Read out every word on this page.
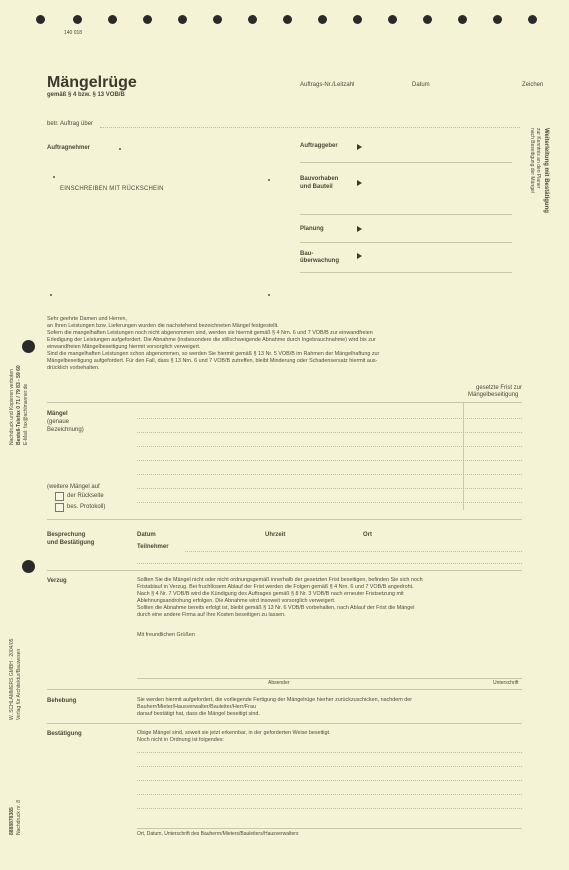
140 018
Mängelrüge
gemäß § 4 bzw. § 13 VOB/B
Auftrags-Nr./Leitzahl	Datum	Zeichen
betr. Auftrag über
Auftragnehmer
EINSCHREIBEN MIT RÜCKSCHEIN
Auftraggeber
Bauvorhaben
und Bauteil
Planung
Bau-
überwachung
Weiterleitung mit Bestätigung
zur Kenntnis an den Planer
nach Beseitigung der Mängel
Sehr geehrte Damen und Herren,
an Ihren Leistungen bzw. Lieferungen wurden die nachstehend bezeichneten Mängel festgestellt.
Sofern die mangelhaften Leistungen noch nicht abgenommen sind, werden sie hiermit gemäß § 4 Nrn. 6 und 7 VOB/B zur einwandfreien
Erledigung der Leistungen aufgefordert. Die Abnahme (insbesondere die stillschweigende Abnahme durch Ingebrauchnahme) wird bis zur
einwandfreien Mängelbeseitigung hiermit vorsorglich verweigert.
Sind die mangelhaften Leistungen schon abgenommen, so werden Sie hiermit gemäß § 13 Nr. 5 VOB/B im Rahmen der Mängelhaftung zur
Mängelbeseitigung aufgefordert. Für den Fall, dass § 13 Nrn. 6 und 7 VOB/B zutreffen, bleibt Minderung oder Schadensersatz hiermit aus-
drücklich vorbehalten.
gesetzte Frist zur
Mängelbeseitigung
Mängel
(genaue
Bezeichnung)
(weitere Mängel auf
der Rückseite
bes. Protokoll)
Besprechung
und Bestätigung
Datum	Uhrzeit	Ort
Teilnehmer
Verzug	Sollten Sie die Mängel nicht oder nicht ordnungsgemäß innerhalb der gesetzten Frist beseitigen, befinden Sie sich noch
Fristablauf in Verzug. Bei fruchtlosem Ablauf der Frist werden die Folgen gemäß § 4 Nrn. 6 und 7 VOB/B angedroht.
Nach § 4 Nr. 7 VOB/B wird die Kündigung des Auftrages gemäß § 8 Nr. 3 VOB/B nach erneuter Fristsetzung mit
Ablehnungsandrohung erfolgen. Die Abnahme wird insoweit vorsorglich verweigert.
Sollten die Abnahme bereits erfolgt ist, bleibt gemäß § 13 Nr. 6 VOB/B vorbehalten, nach Ablauf der Frist die Mängel
durch eine andere Firma auf Ihre Kosten beseitigen zu lassen.
Mit freundlichen Grüßen
Absender	Unterschrift
Behebung	Sie werden hiermit aufgefordert, die vorliegende Fertigung der Mängelrüge hierher zurückzuschicken, nachdem der
Bauherr/Mieter/Hausverwalter/Bauleiter/Herr/Frau
darauf bestätigt hat, dass die Mängel beseitigt sind.
Bestätigung	Obige Mängel sind, soweit sie jetzt erkennbar, in der geforderten Weise beseitigt.
Noch nicht in Ordnung ist folgendes:
Ort, Datum, Unterschrift des Bauherrn/Mieters/Bauleiters/Hausverwalters
Nachdruck und Kopieren verboten Bestell-Telefax 0 71 / 79 83 - 59 60 E-Mail: fax@schlmanner.de
W. SCHLAMMERS GMBH · 2004/05 Verlag für Architektur/Bauwesen
8888878385 Nachdruck nr. 8
